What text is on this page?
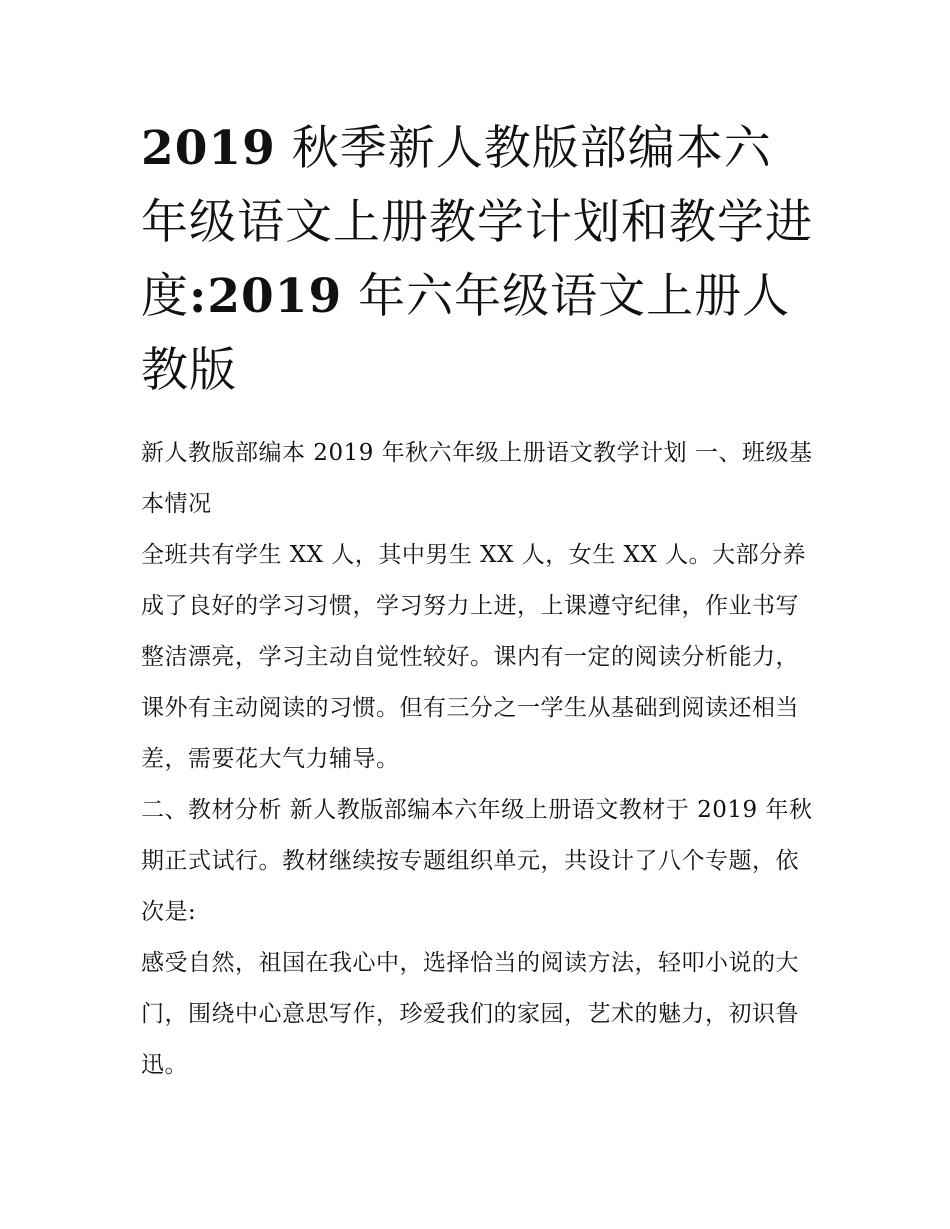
2019 秋季新人教版部编本六年级语文上册教学计划和教学进度:2019 年六年级语文上册人教版

新人教版部编本 2019 年秋六年级上册语文教学计划 一、班级基本情况

全班共有学生 XX 人，其中男生 XX 人，女生 XX 人。大部分养成了良好的学习习惯，学习努力上进，上课遵守纪律，作业书写整洁漂亮，学习主动自觉性较好。课内有一定的阅读分析能力，课外有主动阅读的习惯。但有三分之一学生从基础到阅读还相当差，需要花大气力辅导。

二、教材分析 新人教版部编本六年级上册语文教材于 2019 年秋期正式试行。教材继续按专题组织单元，共设计了八个专题，依次是:

感受自然，祖国在我心中，选择恰当的阅读方法，轻叩小说的大门，围绕中心意思写作，珍爱我们的家园，艺术的魅力，初识鲁迅。
